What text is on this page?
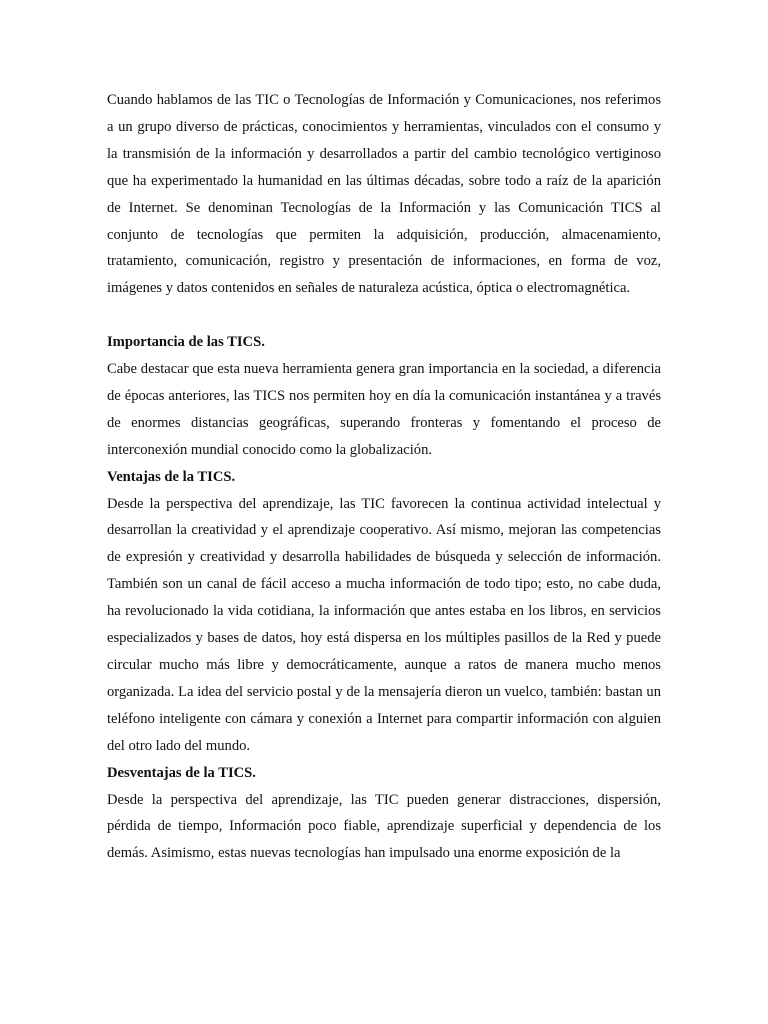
Cuando hablamos de las TIC o Tecnologías de Información y Comunicaciones, nos referimos a un grupo diverso de prácticas, conocimientos y herramientas, vinculados con el consumo y la transmisión de la información y desarrollados a partir del cambio tecnológico vertiginoso que ha experimentado la humanidad en las últimas décadas, sobre todo a raíz de la aparición de Internet. Se denominan Tecnologías de la Información y las Comunicación TICS al conjunto de tecnologías que permiten la adquisición, producción, almacenamiento, tratamiento, comunicación, registro y presentación de informaciones, en forma de voz, imágenes y datos contenidos en señales de naturaleza acústica, óptica o electromagnética.

Importancia de las TICS.

Cabe destacar que esta nueva herramienta genera gran importancia en la sociedad, a diferencia de épocas anteriores, las TICS nos permiten hoy en día la comunicación instantánea y a través de enormes distancias geográficas, superando fronteras y fomentando el proceso de interconexión mundial conocido como la globalización.

Ventajas de la TICS.

Desde la perspectiva del aprendizaje, las TIC favorecen la continua actividad intelectual y desarrollan la creatividad y el aprendizaje cooperativo. Así mismo, mejoran las competencias de expresión y creatividad y desarrolla habilidades de búsqueda y selección de información. También son un canal de fácil acceso a mucha información de todo tipo; esto, no cabe duda, ha revolucionado la vida cotidiana, la información que antes estaba en los libros, en servicios especializados y bases de datos, hoy está dispersa en los múltiples pasillos de la Red y puede circular mucho más libre y democráticamente, aunque a ratos de manera mucho menos organizada. La idea del servicio postal y de la mensajería dieron un vuelco, también: bastan un teléfono inteligente con cámara y conexión a Internet para compartir información con alguien del otro lado del mundo.

Desventajas de la TICS.

Desde la perspectiva del aprendizaje, las TIC pueden generar distracciones, dispersión, pérdida de tiempo, Información poco fiable, aprendizaje superficial y dependencia de los demás. Asimismo, estas nuevas tecnologías han impulsado una enorme exposición de la
